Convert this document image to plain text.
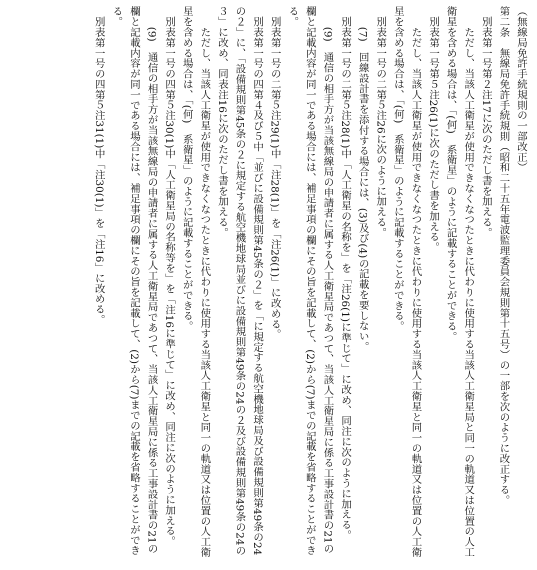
（無線局免許手続規則の一部改正）

第二条　無線局免許手続規則（昭和二十五年電波監理委員会規則第十五号）の一部を次のように改正する。

　別表第一号第２注17に次のただし書を加える。

　　ただし、当該人工衛星が使用できなくなつたときに代わりに使用する当該人工衛星局と同一の軌道又は位置の人工衛星を含める場合は、「(何)　系衛星」のように記載することができる。

　別表第一号第５注26(1)に次のただし書を加える。

　　ただし、当該人工衛星が使用できなくなつたときに代わりに使用する当該人工衛星と同一の軌道又は位置の人工衛星を含める場合は、「(何)　系衛星」のように記載することができる。

　別表第一号の二第５注26に次のように加える。

　　(7)　回線設計書を添付する場合には、(3)及び(4)の記載を要しない。

　別表第一号の二第５注28(1)中「人工衛星の名称を」を「注26(1)に準じて」に改め、同注に次のように加える。

　　(9)　通信の相手方が当該無線局の申請者に属する人工衛星局であつて、当該人工衛星局に係る工事設計書の21の欄と記載内容が同一である場合には、補足事項の欄にその旨を記載して、(2)から(7)までの記載を省略することができる。

　別表第一号の二第５注29(1)中「注28(1)」を「注26(1)」に改める。

　別表第一号の四第４及び５中「並びに設備規則第45条の２」を「に規定する航空機地球局及び設備規則第49条の24の２」に、「設備規則第45条の２に規定する航空機地球局並びに設備規則第49条の24の２及び設備規則第49条の24の３」に改め、同表注16に次のただし書を加える。

　　ただし、当該人工衛星が使用できなくなつたときに代わりに使用する当該人工衛星と同一の軌道又は位置の人工衛星を含める場合は、「(何)　系衛星」のように記載することができる。

　別表第一号の四第５注30(1)中「人工衛星局の名称等を」を「注16に準じて」に改め、同注に次のように加える。

　　(9)　通信の相手方が当該無線局の申請者に属する人工衛星局であつて、当該人工衛星局に係る工事設計書の21の欄と記載内容が同一である場合には、補足事項の欄にその旨を記載して、(2)から(7)までの記載を省略することができる。

　別表第一号の四第５注31(1)中「注30(1)」を「注16」に改める。
